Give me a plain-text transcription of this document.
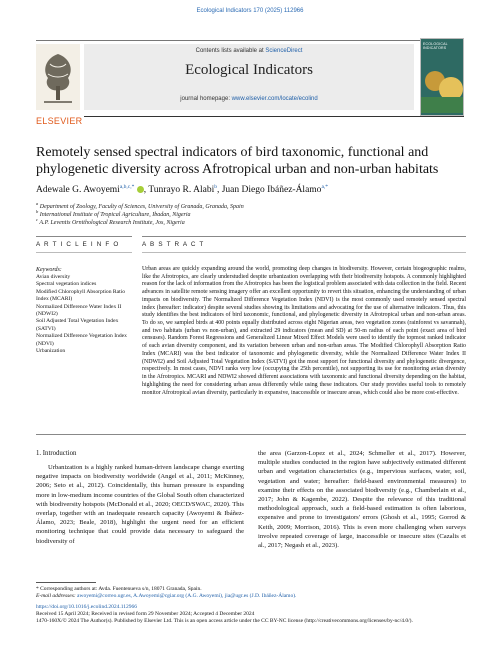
Ecological Indicators 170 (2025) 112966
ELSEVIER
Contents lists available at ScienceDirect
Ecological Indicators
journal homepage: www.elsevier.com/locate/ecolind
ECOLOGICAL INDICATORS
Remotely sensed spectral indicators of bird taxonomic, functional and phylogenetic diversity across Afrotropical urban and non-urban habitats
Adewale G. Awoyemi$^{a,b,c,*}$ , Tunrayo R. Alabi$^b$, Juan Diego Ibáñez-Álamo$^{a,*}$
$^a$ Department of Zoology, Faculty of Sciences, University of Granada, Granada, Spain
$^b$ International Institute of Tropical Agriculture, Ibadan, Nigeria
$^c$ A.P. Leventis Ornithological Research Institute, Jos, Nigeria
A R T I C L E I N F O	A B S T R A C T
Keywords:
Avian diversity
Spectral vegetation indices
Modified Chlorophyll Absorption Ratio Index (MCARI)
Normalized Difference Water Index II (NDWI2)
Soil Adjusted Total Vegetation Index (SATVI)
Normalized Difference Vegetation Index (NDVI)
Urbanization
Urban areas are quickly expanding around the world, promoting deep changes in biodiversity. However, certain biogeographic realms, like the Afrotropics, are clearly understudied despite urbanization overlapping with their biodiversity hotspots. A commonly highlighted reason for the lack of information from the Afrotropics has been the logistical problem associated with data collection in the field. Recent advances in satellite remote sensing imagery offer an excellent opportunity to revert this situation, enhancing the understanding of urban impacts on biodiversity. The Normalized Difference Vegetation Index (NDVI) is the most commonly used remotely sensed spectral index (hereafter: indicator) despite several studies showing its limitations and advocating for the use of alternative indicators. Thus, this study identifies the best indicators of bird taxonomic, functional, and phylogenetic diversity in Afrotropical urban and non-urban areas. To do so, we sampled birds at 400 points equally distributed across eight Nigerian areas, two vegetation zones (rainforest vs savannah), and two habitats (urban vs non-urban), and extracted 29 indicators (mean and SD) at 50-m radius of each point (exact area of bird censuses). Random Forest Regressions and Generalized Linear Mixed Effect Models were used to identify the topmost ranked indicator of each avian diversity component, and its variation between urban and non-urban areas. The Modified Chlorophyll Absorption Ratio Index (MCARI) was the best indicator of taxonomic and phylogenetic diversity, while the Normalized Difference Water Index II (NDWI2) and Soil Adjusted Total Vegetation Index (SATVI) got the most support for functional diversity and phylogenetic divergence, respectively. In most cases, NDVI ranks very low (occupying the 25th percentile), not supporting its use for monitoring avian diversity in the Afrotropics. MCARI and NDWI2 showed different associations with taxonomic and functional diversity depending on the habitat, highlighting the need for considering urban areas differently while using these indicators. Our study provides useful tools to remotely monitor Afrotropical avian diversity, particularly in expansive, inaccessible or insecure areas, which could also be more cost-effective.
1. Introduction
Urbanization is a highly ranked human-driven landscape change exerting negative impacts on biodiversity worldwide (Angel et al., 2011; McKinney, 2006; Seto et al., 2012). Coincidentally, this human pressure is expanding more in low-medium income countries of the Global South often characterized with biodiversity hotspots (McDonald et al., 2020; OECD/SWAC, 2020). This overlap, together with an inadequate research capacity (Awoyemi & Ibáñez-Álamo, 2023; Beale, 2018), highlight the urgent need for an efficient monitoring technique that could provide data necessary to safeguard the biodiversity of
the area (Garzon-Lopez et al., 2024; Schmeller et al., 2017). However, multiple studies conducted in the region have subjectively estimated different urban and vegetation characteristics (e.g., impervious surfaces, water, soil, vegetation and water; hereafter: field-based environmental measures) to examine their effects on the associated biodiversity (e.g., Chamberlain et al., 2017; John & Kagembe, 2022). Despite the relevance of this traditional methodological approach, such a field-based estimation is often laborious, expensive and prone to investigators' errors (Ghosh et al., 1995; Gorrod & Keith, 2009; Morrison, 2016). This is even more challenging when surveys involve repeated coverage of large, inaccessible or insecure sites (Cazalis et al., 2017; Negash et al., 2023).
* Corresponding authors at: Avda. Fuentenueva s/n, 18071 Granada, Spain.
E-mail addresses: awoyemi@correo.ugr.es, A.Awoyemi@cgiar.org (A.G. Awoyemi), jia@ugr.es (J.D. Ibáñez-Álamo).
https://doi.org/10.1016/j.ecolind.2024.112966
Received 15 April 2024; Received in revised form 29 November 2024; Accepted 4 December 2024
1470-160X/© 2024 The Author(s). Published by Elsevier Ltd. This is an open access article under the CC BY-NC license (http://creativecommons.org/licenses/by-nc/4.0/).
